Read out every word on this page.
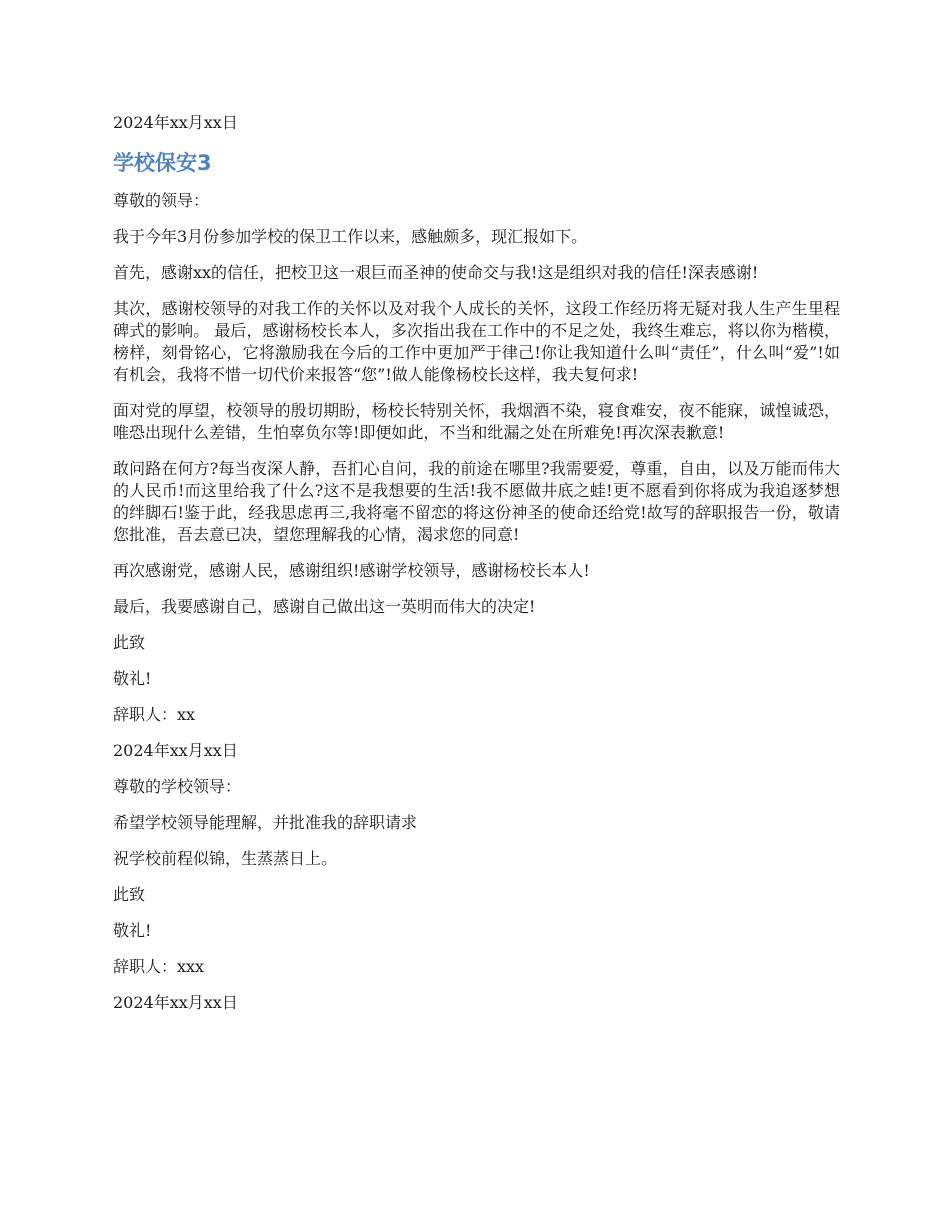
2024年xx月xx日

学校保安3

尊敬的领导：

我于今年3月份参加学校的保卫工作以来，感触颇多，现汇报如下。

首先，感谢xx的信任，把校卫这一艰巨而圣神的使命交与我!这是组织对我的信任!深表感谢!

其次，感谢校领导的对我工作的关怀以及对我个人成长的关怀，这段工作经历将无疑对我人生产生里程碑式的影响。 最后，感谢杨校长本人，多次指出我在工作中的不足之处，我终生难忘，将以你为楷模，榜样，刻骨铭心，它将激励我在今后的工作中更加严于律己!你让我知道什么叫“责任”，什么叫“爱”!如有机会，我将不惜一切代价来报答“您”!做人能像杨校长这样，我夫复何求!

面对党的厚望，校领导的殷切期盼，杨校长特别关怀，我烟酒不染，寝食难安，夜不能寐，诚惶诚恐，唯恐出现什么差错，生怕辜负尔等!即便如此，不当和纰漏之处在所难免!再次深表歉意!

敢问路在何方?每当夜深人静，吾扪心自问，我的前途在哪里?我需要爱，尊重，自由，以及万能而伟大的人民币!而这里给我了什么?这不是我想要的生活!我不愿做井底之蛙!更不愿看到你将成为我追逐梦想的绊脚石!鉴于此，经我思虑再三,我将毫不留恋的将这份神圣的使命还给党!故写的辞职报告一份，敬请您批准，吾去意已决，望您理解我的心情，渴求您的同意!

再次感谢党，感谢人民，感谢组织!感谢学校领导，感谢杨校长本人!

最后，我要感谢自己，感谢自己做出这一英明而伟大的决定!

此致

敬礼!

辞职人：xx

2024年xx月xx日

尊敬的学校领导：

希望学校领导能理解，并批准我的辞职请求

祝学校前程似锦，生蒸蒸日上。

此致

敬礼!

辞职人：xxx

2024年xx月xx日
